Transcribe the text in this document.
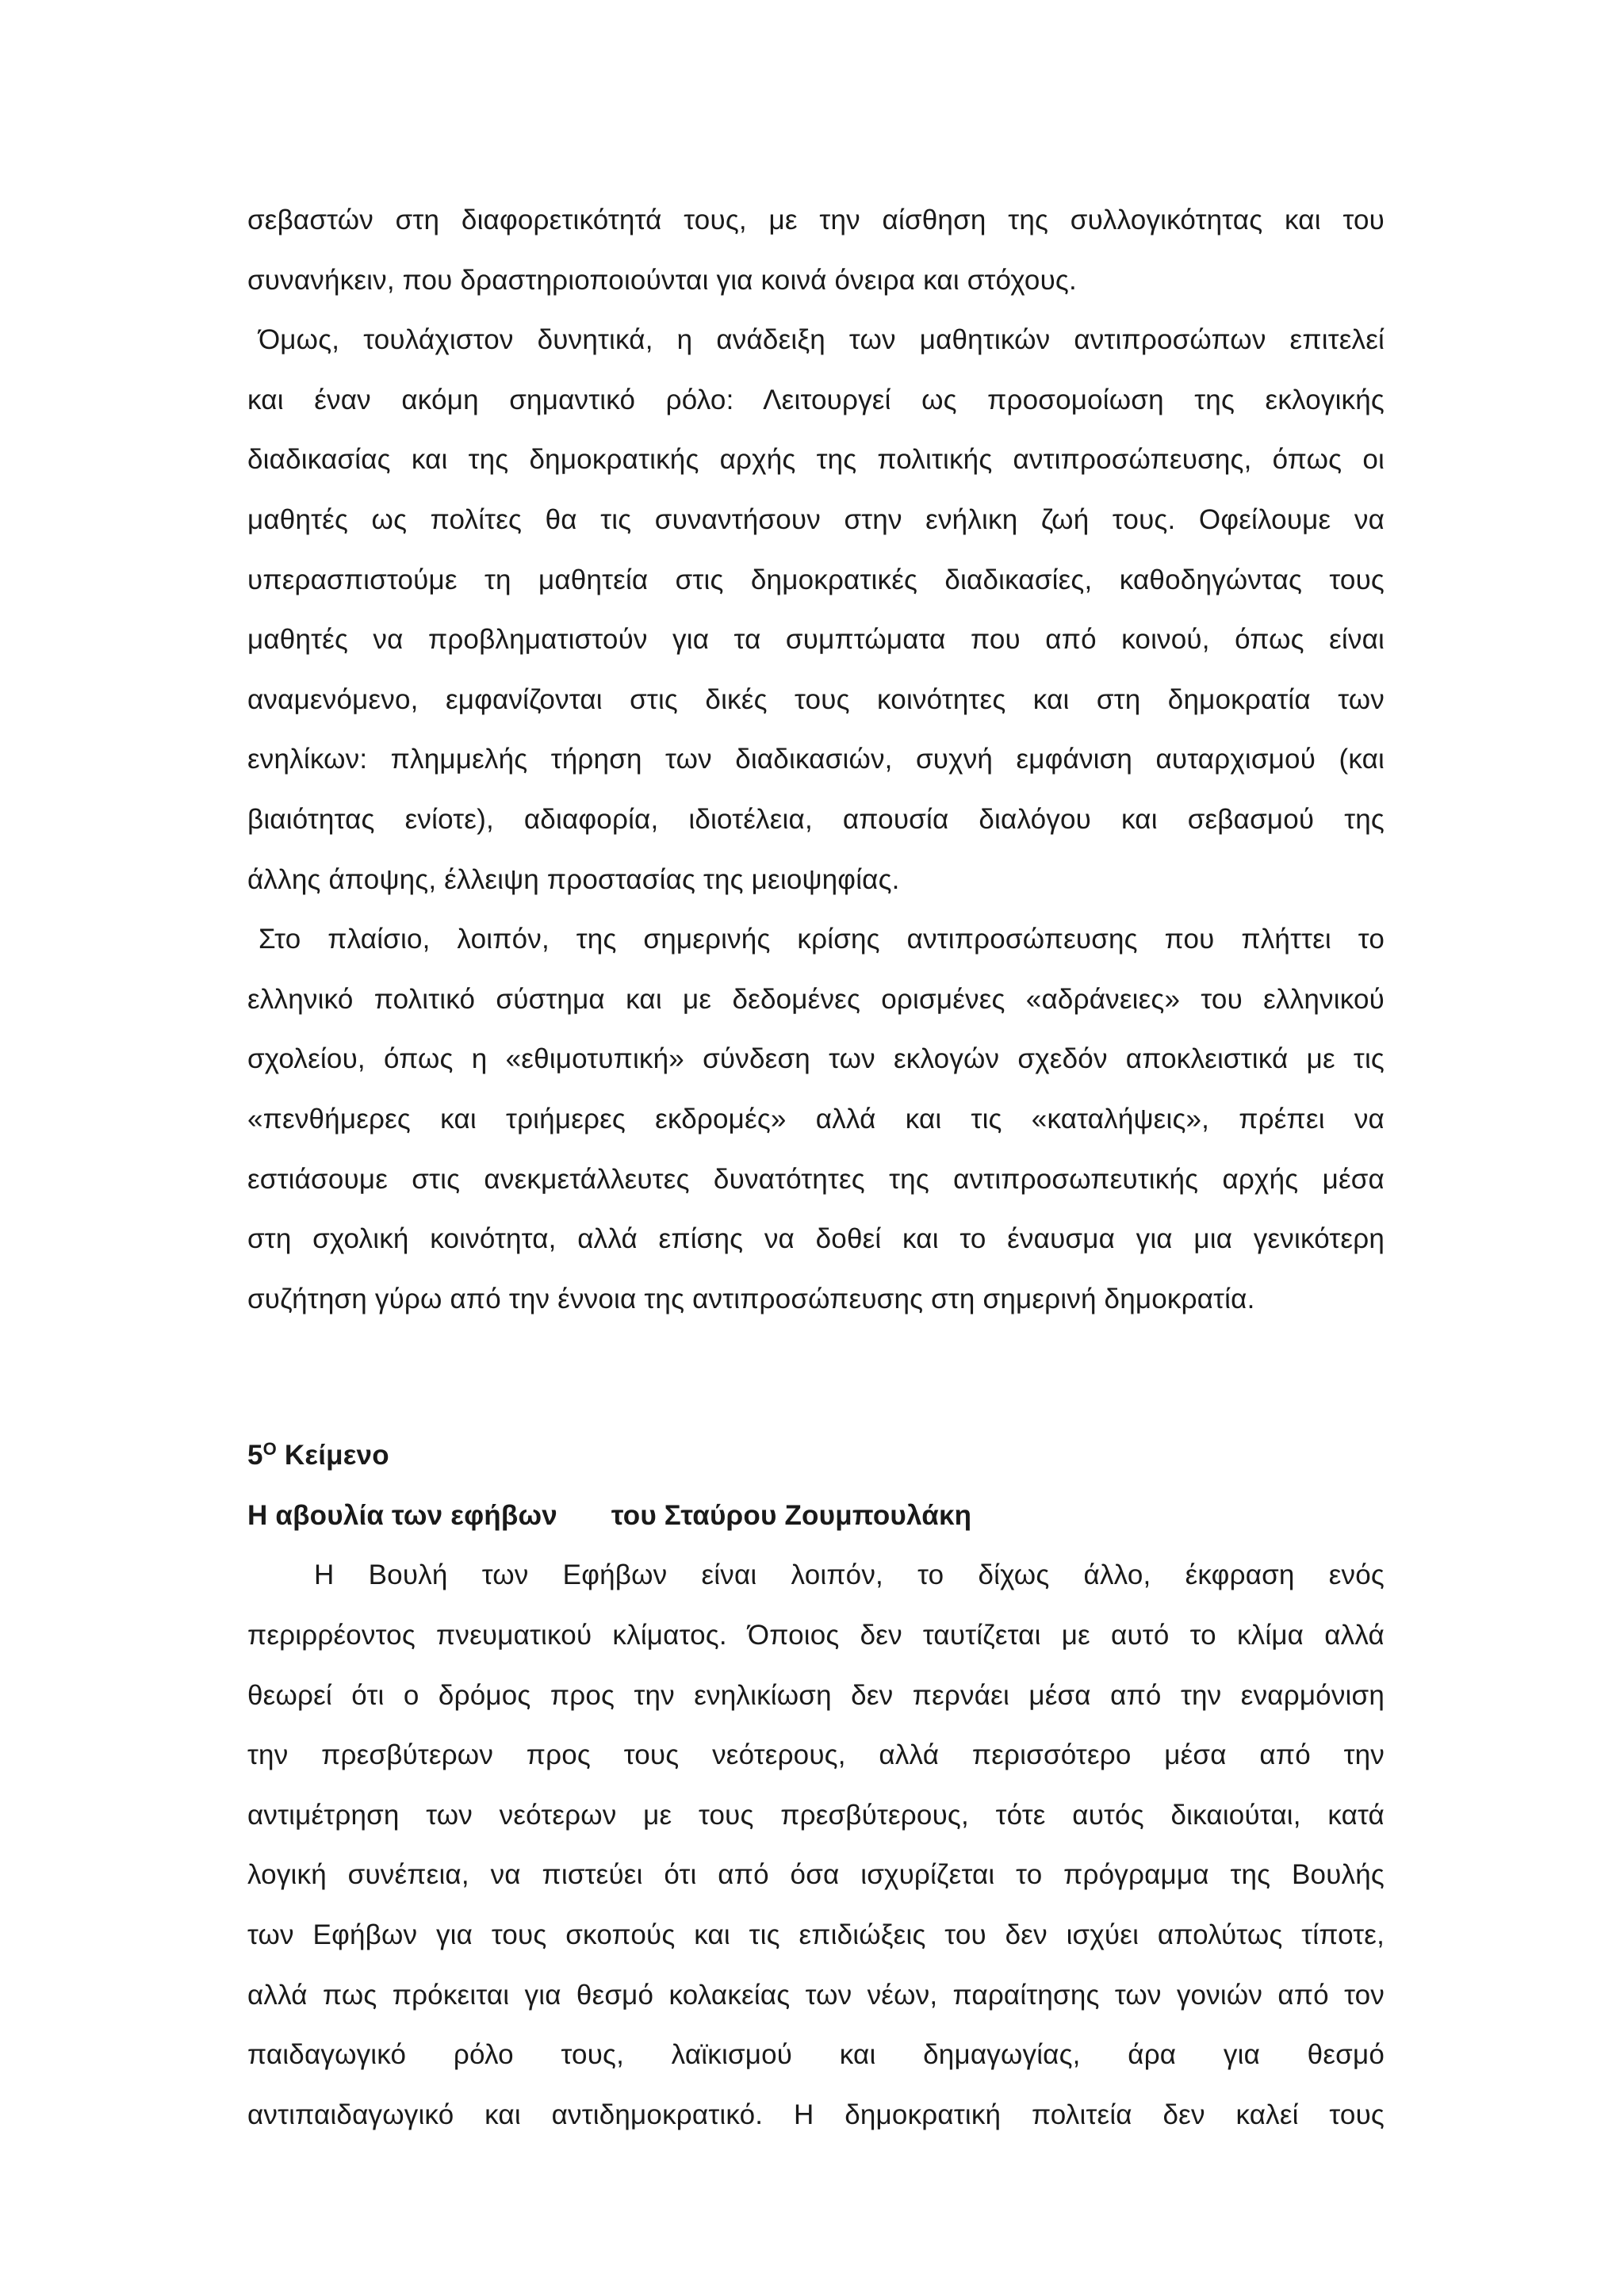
σεβαστών στη διαφορετικότητά τους, με την αίσθηση της συλλογικότητας και του
συνανήκειν, που δραστηριοποιούνται για κοινά όνειρα και στόχους.
Όμως, τουλάχιστον δυνητικά, η ανάδειξη των μαθητικών αντιπροσώπων επιτελεί
και έναν ακόμη σημαντικό ρόλο: Λειτουργεί ως προσομοίωση της εκλογικής
διαδικασίας και της δημοκρατικής αρχής της πολιτικής αντιπροσώπευσης, όπως οι
μαθητές ως πολίτες θα τις συναντήσουν στην ενήλικη ζωή τους. Οφείλουμε να
υπερασπιστούμε τη μαθητεία στις δημοκρατικές διαδικασίες, καθοδηγώντας τους
μαθητές να προβληματιστούν για τα συμπτώματα που από κοινού, όπως είναι
αναμενόμενο, εμφανίζονται στις δικές τους κοινότητες και στη δημοκρατία των
ενηλίκων: πλημμελής τήρηση των διαδικασιών, συχνή εμφάνιση αυταρχισμού (και
βιαιότητας ενίοτε), αδιαφορία, ιδιοτέλεια, απουσία διαλόγου και σεβασμού της
άλλης άποψης, έλλειψη προστασίας της μειοψηφίας.
Στο πλαίσιο, λοιπόν, της σημερινής κρίσης αντιπροσώπευσης που πλήττει το
ελληνικό πολιτικό σύστημα και με δεδομένες ορισμένες «αδράνειες» του ελληνικού
σχολείου, όπως η «εθιμοτυπική» σύνδεση των εκλογών σχεδόν αποκλειστικά με τις
«πενθήμερες και τριήμερες εκδρομές» αλλά και τις «καταλήψεις», πρέπει να
εστιάσουμε στις ανεκμετάλλευτες δυνατότητες της αντιπροσωπευτικής αρχής μέσα
στη σχολική κοινότητα, αλλά επίσης να δοθεί και το έναυσμα για μια γενικότερη
συζήτηση γύρω από την έννοια της αντιπροσώπευσης στη σημερινή δημοκρατία.

$5^O$ Κείμενο

Η αβουλία των εφήβων του Σταύρου Ζουμπουλάκη

Η Βουλή των Εφήβων είναι λοιπόν, το δίχως άλλο, έκφραση ενός
περιρρέοντος πνευματικού κλίματος. Όποιος δεν ταυτίζεται με αυτό το κλίμα αλλά
θεωρεί ότι ο δρόμος προς την ενηλικίωση δεν περνάει μέσα από την εναρμόνιση
την πρεσβύτερων προς τους νεότερους, αλλά περισσότερο μέσα από την
αντιμέτρηση των νεότερων με τους πρεσβύτερους, τότε αυτός δικαιούται, κατά
λογική συνέπεια, να πιστεύει ότι από όσα ισχυρίζεται το πρόγραμμα της Βουλής
των Εφήβων για τους σκοπούς και τις επιδιώξεις του δεν ισχύει απολύτως τίποτε,
αλλά πως πρόκειται για θεσμό κολακείας των νέων, παραίτησης των γονιών από τον
παιδαγωγικό ρόλο τους, λαϊκισμού και δημαγωγίας, άρα για θεσμό
αντιπαιδαγωγικό και αντιδημοκρατικό. Η δημοκρατική πολιτεία δεν καλεί τους
